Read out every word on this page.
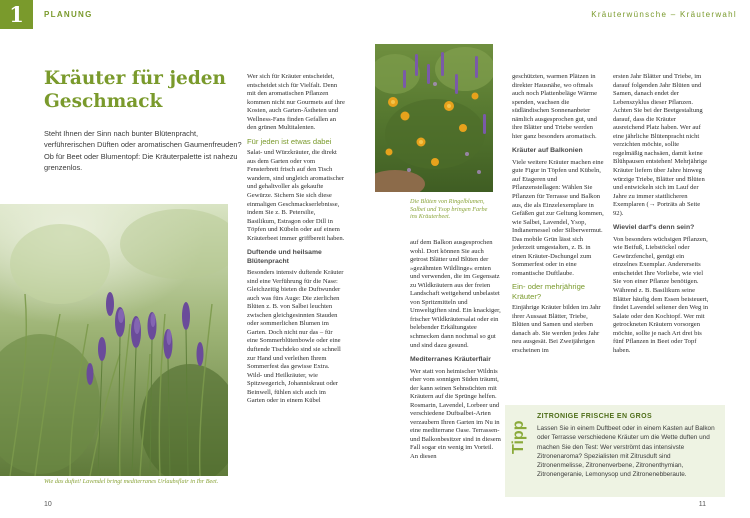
1	PLANUNG	Kräuterwünsche – Kräuterwahl
Kräuter für jeden
Geschmack
Steht Ihnen der Sinn nach bunter Blütenpracht, verführerischen Düften oder aromatischen Gaumenfreuden? Ob für Beet oder Blumentopf: Die Kräuterpalette ist nahezu grenzenlos.
Wie das duftet! Lavendel bringt mediterranes Urlaubsflair in Ihr Beet.
10

Wer sich für Kräuter entscheidet, entscheidet sich für Vielfalt. Denn mit den aromatischen Pflanzen kommen nicht nur Gourmets auf ihre Kosten, auch Garten-Ästheten und Wellness-Fans finden Gefallen an den grünen Multitalenten.

Für jeden ist etwas dabei

Salat- und Würzkräuter, die direkt aus dem Garten oder vom Fensterbrett frisch auf den Tisch wandern, sind ungleich aromatischer und gehaltvoller als gekaufte Gewürze. Sichern Sie sich diese einmaligen Geschmackserlebnisse, indem Sie z. B. Petersilie, Basilikum, Estragon oder Dill in Töpfen und Kübeln oder auf einem Kräuterbeet immer griffbereit haben.

Duftende und heilsame Blütenpracht

Besonders intensiv duftende Kräuter sind eine Verführung für die Nase: Gleichzeitig bieten die Duftwunder auch was fürs Auge: Die zierlichen Blüten z. B. von Salbei leuchten zwischen gleichgesinnten Stauden oder sommerlichen Blumen im Garten. Doch nicht nur das – für eine Sommerblütenbowle oder eine duftende Tischdeko sind sie schnell zur Hand und verleihen Ihrem Sommerfest das gewisse Extra.

Wild- und Heilkräuter, wie Spitzwegerich, Johanniskraut oder Beinwell, fühlen sich auch im Garten oder in einem Kübel

Die Blüten von Ringelblumen, Salbei und Ysop bringen Farbe ins Kräuterbeet.

auf dem Balkon ausgesprochen wohl. Dort können Sie auch getrost Blätter und Blüten der »gezähmten Wildlinge« ernten und verwenden, die im Gegensatz zu Wildkräutern aus der freien Landschaft weitgehend unbelastet von Spritzmitteln und Umweltgiften sind. Ein knackiger, frischer Wildkräutersalat oder ein belebender Erkältungstee schmecken dann nochmal so gut und sind dazu gesund.

Mediterranes Kräuterflair

Wer statt von heimischer Wildnis eher vom sonnigen Süden träumt, der kann seinen Sehnsüchten mit Kräutern auf die Sprünge helfen. Rosmarin, Lavendel, Lorbeer und verschiedene Duftsalbei-Arten verzaubern Ihren Garten im Nu in eine mediterrane Oase. Terrassen- und Balkonbesitzer sind in diesem Fall sogar ein wenig im Vorteil. An diesen

geschützten, warmen Plätzen in direkter Hausnähe, wo oftmals auch noch Plattenbeläge Wärme spenden, wachsen die südländischen Sonnenanbeter nämlich ausgesprochen gut, und ihre Blätter und Triebe werden hier ganz besonders aromatisch.

Kräuter auf Balkonien

Viele weitere Kräuter machen eine gute Figur in Töpfen und Kübeln, auf Etageren und Pflanzenstellagen: Wählen Sie Pflanzen für Terrasse und Balkon aus, die als Einzelexemplare in Gefäßen gut zur Geltung kommen, wie Salbei, Lavendel, Ysop, Indianernessel oder Silberwermut. Das mobile Grün lässt sich jederzeit umgestalten, z. B. in einen Kräuter-Dschungel zum Sommerfest oder in eine romantische Duftlaube.

Ein- oder mehrjährige Kräuter?

Einjährige Kräuter bilden im Jahr ihrer Aussaat Blätter, Triebe, Blüten und Samen und sterben danach ab. Sie werden jedes Jahr neu ausgesät. Bei Zweijährigen erscheinen im

ersten Jahr Blätter und Triebe, im darauf folgenden Jahr Blüten und Samen, danach endet der Lebenszyklus dieser Pflanzen. Achten Sie bei der Beetgestaltung darauf, dass die Kräuter ausreichend Platz haben. Wer auf eine jährliche Blütenpracht nicht verzichten möchte, sollte regelmäßig nachsäen, damit keine Blühpausen entstehen! Mehrjährige Kräuter liefern über Jahre hinweg würzige Triebe, Blätter und Blüten und entwickeln sich im Lauf der Jahre zu immer stattlicheren Exemplaren (→ Porträts ab Seite 92).

Wieviel darf's denn sein?

Von besonders wüchsigen Pflanzen, wie Beifuß, Liebstöckel oder Gewürzfenchel, genügt ein einzelnes Exemplar. Andererseits entscheidet Ihre Vorliebe, wie viel Sie von einer Pflanze benötigen. Während z. B. Basilikum seine Blätter häufig dem Essen beisteuert, findet Lavendel seltener den Weg in Salate oder den Kochtopf. Wer mit getrockneten Kräutern vorsorgen möchte, sollte je nach Art drei bis fünf Pflanzen in Beet oder Topf haben.

Tipp
ZITRONIGE FRISCHE EN GROS
Lassen Sie in einem Duftbeet oder in einem Kasten auf Balkon oder Terrasse verschiedene Kräuter um die Wette duften und machen Sie den Test: Wer verströmt das intensivste Zitronenaroma? Spezialisten mit Zitrusduft sind Zitronenmelisse, Zitronenverbene, Zitronenthymian, Zitronengeranie, Lemonysop und Zitronenebberaute.
11
